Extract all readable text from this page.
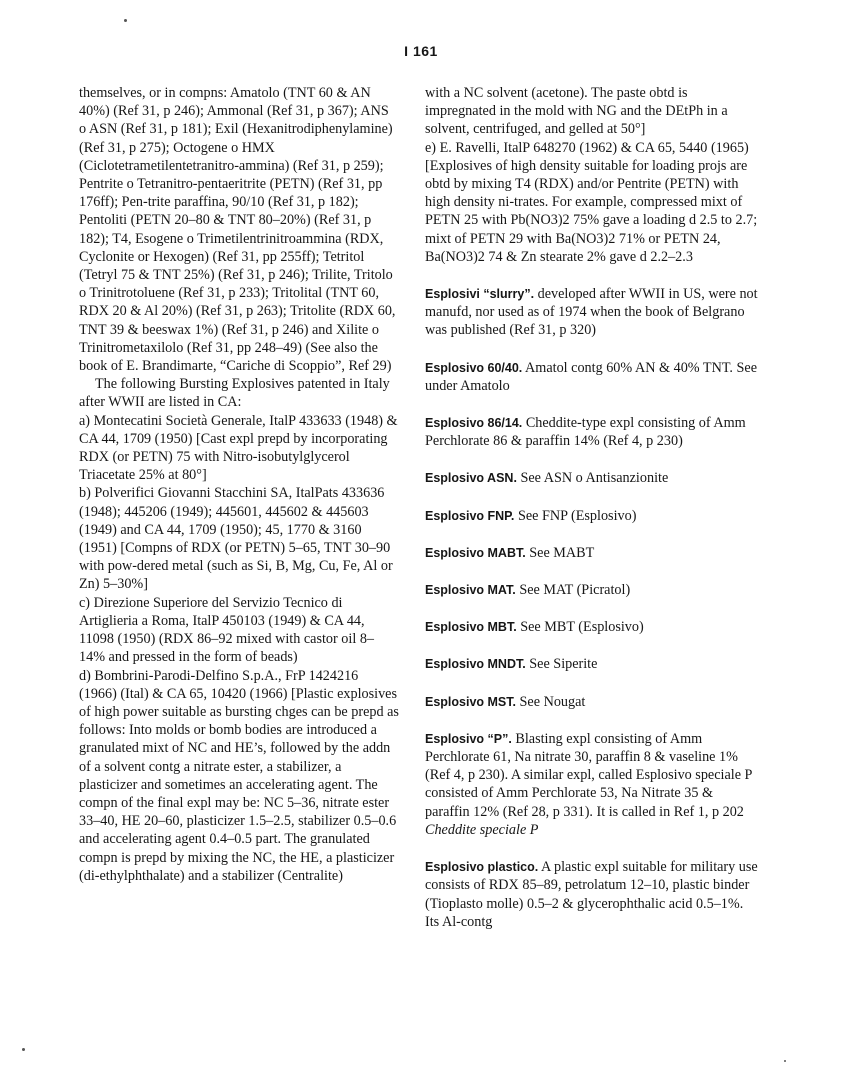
I 161

themselves, or in compns: Amatolo (TNT 60 & AN 40%) (Ref 31, p 246); Ammonal (Ref 31, p 367); ANS o ASN (Ref 31, p 181); Exil (Hexanitrodiphenylamine) (Ref 31, p 275); Octogene o HMX (Ciclotetrametilentetranitro-ammina) (Ref 31, p 259); Pentrite o Tetranitro-pentaeritrite (PETN) (Ref 31, pp 176ff); Pen-trite paraffina, 90/10 (Ref 31, p 182); Pentoliti (PETN 20–80 & TNT 80–20%) (Ref 31, p 182); T4, Esogene o Trimetilentrinitroammina (RDX, Cyclonite or Hexogen) (Ref 31, pp 255ff); Tetritol (Tetryl 75 & TNT 25%) (Ref 31, p 246); Trilite, Tritolo o Trinitrotoluene (Ref 31, p 233); Tritolital (TNT 60, RDX 20 & Al 20%) (Ref 31, p 263); Tritolite (RDX 60, TNT 39 & beeswax 1%) (Ref 31, p 246) and Xilite o Trinitrometaxilolo (Ref 31, pp 248–49) (See also the book of E. Brandimarte, “Cariche di Scoppio”, Ref 29)

The following Bursting Explosives patented in Italy after WWII are listed in CA:

a) Montecatini Società Generale, ItalP 433633 (1948) & CA 44, 1709 (1950) [Cast expl prepd by incorporating RDX (or PETN) 75 with Nitro-isobutylglycerol Triacetate 25% at 80°]

b) Polverifici Giovanni Stacchini SA, ItalPats 433636 (1948); 445206 (1949); 445601, 445602 & 445603 (1949) and CA 44, 1709 (1950); 45, 1770 & 3160 (1951) [Compns of RDX (or PETN) 5–65, TNT 30–90 with pow-dered metal (such as Si, B, Mg, Cu, Fe, Al or Zn) 5–30%]

c) Direzione Superiore del Servizio Tecnico di Artiglieria a Roma, ItalP 450103 (1949) & CA 44, 11098 (1950) (RDX 86–92 mixed with castor oil 8–14% and pressed in the form of beads)

d) Bombrini-Parodi-Delfino S.p.A., FrP 1424216 (1966) (Ital) & CA 65, 10420 (1966) [Plastic explosives of high power suitable as bursting chges can be prepd as follows: Into molds or bomb bodies are introduced a granulated mixt of NC and HE’s, followed by the addn of a solvent contg a nitrate ester, a stabilizer, a plasticizer and sometimes an accelerating agent. The compn of the final expl may be: NC 5–36, nitrate ester 33–40, HE 20–60, plasticizer 1.5–2.5, stabilizer 0.5–0.6 and accelerating agent 0.4–0.5 part. The granulated compn is prepd by mixing the NC, the HE, a plasticizer (di-ethylphthalate) and a stabilizer (Centralite)

with a NC solvent (acetone). The paste obtd is impregnated in the mold with NG and the DEtPh in a solvent, centrifuged, and gelled at 50°]

e) E. Ravelli, ItalP 648270 (1962) & CA 65, 5440 (1965) [Explosives of high density suitable for loading projs are obtd by mixing T4 (RDX) and/or Pentrite (PETN) with high density ni-trates. For example, compressed mixt of PETN 25 with Pb(NO3)2 75% gave a loading d 2.5 to 2.7; mixt of PETN 29 with Ba(NO3)2 71% or PETN 24, Ba(NO3)2 74 & Zn stearate 2% gave d 2.2–2.3

Esplosivi “slurry”. developed after WWII in US, were not manufd, nor used as of 1974 when the book of Belgrano was published (Ref 31, p 320)

Esplosivo 60/40. Amatol contg 60% AN & 40% TNT. See under Amatolo

Esplosivo 86/14. Cheddite-type expl consisting of Amm Perchlorate 86 & paraffin 14% (Ref 4, p 230)

Esplosivo ASN. See ASN o Antisanzionite

Esplosivo FNP. See FNP (Esplosivo)

Esplosivo MABT. See MABT

Esplosivo MAT. See MAT (Picratol)

Esplosivo MBT. See MBT (Esplosivo)

Esplosivo MNDT. See Siperite

Esplosivo MST. See Nougat

Esplosivo “P”. Blasting expl consisting of Amm Perchlorate 61, Na nitrate 30, paraffin 8 & vaseline 1% (Ref 4, p 230). A similar expl, called Esplosivo speciale P consisted of Amm Perchlorate 53, Na Nitrate 35 & paraffin 12% (Ref 28, p 331). It is called in Ref 1, p 202 Cheddite speciale P

Esplosivo plastico. A plastic expl suitable for military use consists of RDX 85–89, petrolatum 12–10, plastic binder (Tioplasto molle) 0.5–2 & glycerophthalic acid 0.5–1%. Its Al-contg
